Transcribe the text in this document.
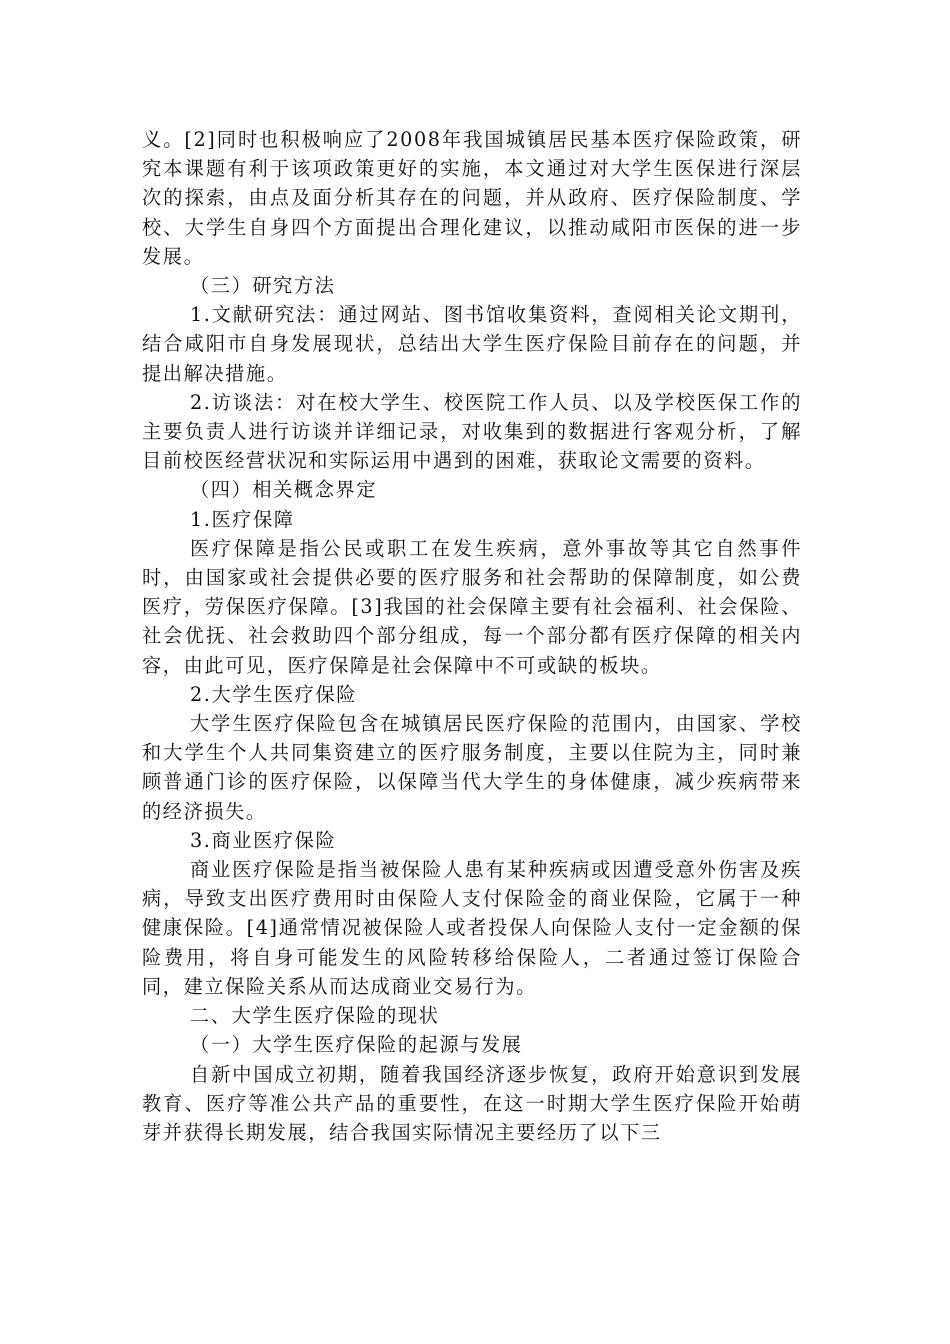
义。[2]同时也积极响应了2008年我国城镇居民基本医疗保险政策，研究本课题有利于该项政策更好的实施，本文通过对大学生医保进行深层次的探索，由点及面分析其存在的问题，并从政府、医疗保险制度、学校、大学生自身四个方面提出合理化建议，以推动咸阳市医保的进一步发展。

（三）研究方法

1.文献研究法：通过网站、图书馆收集资料，查阅相关论文期刊，结合咸阳市自身发展现状，总结出大学生医疗保险目前存在的问题，并提出解决措施。

2.访谈法：对在校大学生、校医院工作人员、以及学校医保工作的主要负责人进行访谈并详细记录，对收集到的数据进行客观分析，了解目前校医经营状况和实际运用中遇到的困难，获取论文需要的资料。

（四）相关概念界定

1.医疗保障

医疗保障是指公民或职工在发生疾病，意外事故等其它自然事件时，由国家或社会提供必要的医疗服务和社会帮助的保障制度，如公费医疗，劳保医疗保障。[3]我国的社会保障主要有社会福利、社会保险、社会优抚、社会救助四个部分组成，每一个部分都有医疗保障的相关内容，由此可见，医疗保障是社会保障中不可或缺的板块。

2.大学生医疗保险

大学生医疗保险包含在城镇居民医疗保险的范围内，由国家、学校和大学生个人共同集资建立的医疗服务制度，主要以住院为主，同时兼顾普通门诊的医疗保险，以保障当代大学生的身体健康，减少疾病带来的经济损失。

3.商业医疗保险

商业医疗保险是指当被保险人患有某种疾病或因遭受意外伤害及疾病，导致支出医疗费用时由保险人支付保险金的商业保险，它属于一种健康保险。[4]通常情况被保险人或者投保人向保险人支付一定金额的保险费用，将自身可能发生的风险转移给保险人，二者通过签订保险合同，建立保险关系从而达成商业交易行为。

二、大学生医疗保险的现状

（一）大学生医疗保险的起源与发展

自新中国成立初期，随着我国经济逐步恢复，政府开始意识到发展教育、医疗等准公共产品的重要性，在这一时期大学生医疗保险开始萌芽并获得长期发展，结合我国实际情况主要经历了以下三
